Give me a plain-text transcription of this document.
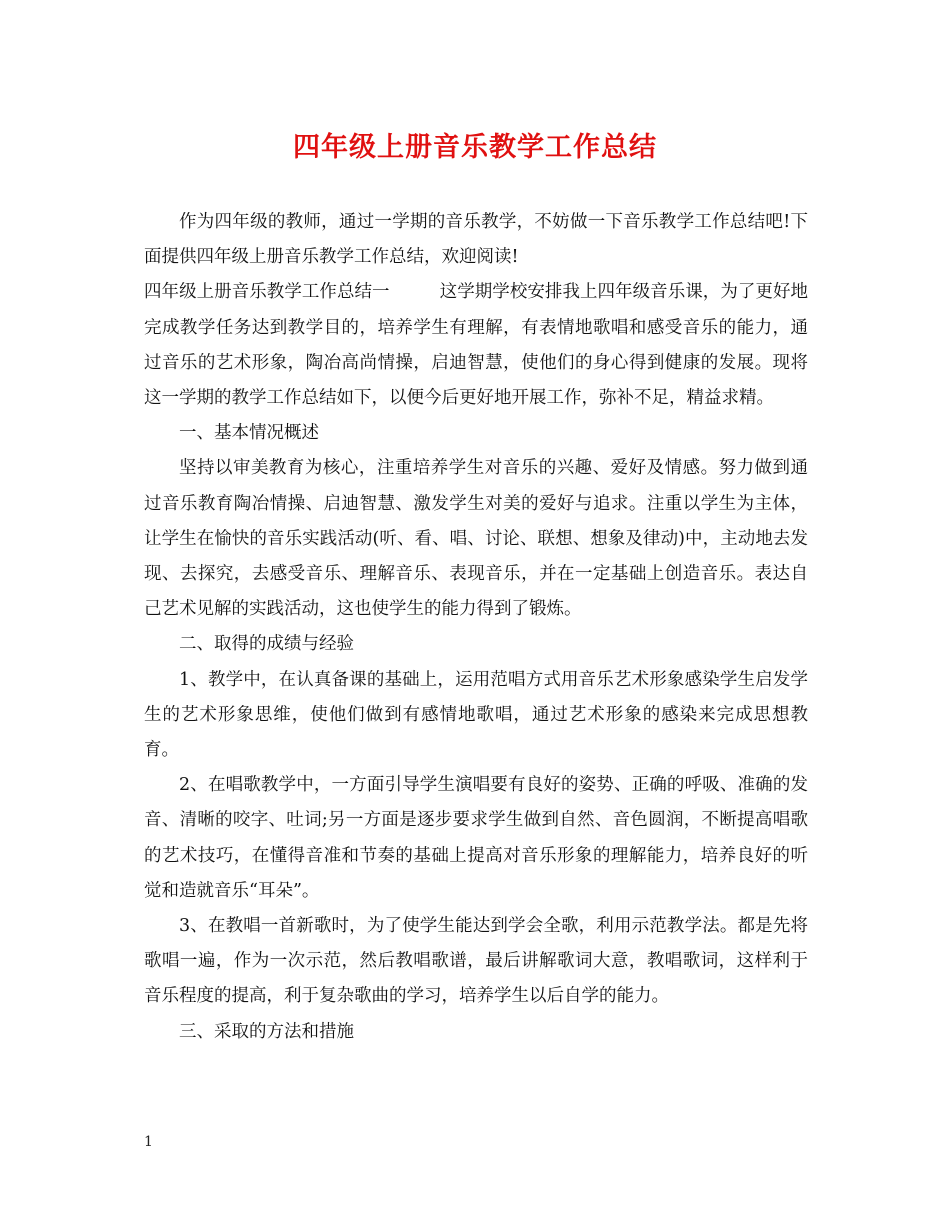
四年级上册音乐教学工作总结

作为四年级的教师，通过一学期的音乐教学，不妨做一下音乐教学工作总结吧!下面提供四年级上册音乐教学工作总结，欢迎阅读!

四年级上册音乐教学工作总结一	这学期学校安排我上四年级音乐课，为了更好地完成教学任务达到教学目的，培养学生有理解，有表情地歌唱和感受音乐的能力，通过音乐的艺术形象，陶冶高尚情操，启迪智慧，使他们的身心得到健康的发展。现将这一学期的教学工作总结如下，以便今后更好地开展工作，弥补不足，精益求精。

一、基本情况概述

坚持以审美教育为核心，注重培养学生对音乐的兴趣、爱好及情感。努力做到通过音乐教育陶冶情操、启迪智慧、激发学生对美的爱好与追求。注重以学生为主体，让学生在愉快的音乐实践活动(听、看、唱、讨论、联想、想象及律动)中，主动地去发现、去探究，去感受音乐、理解音乐、表现音乐，并在一定基础上创造音乐。表达自己艺术见解的实践活动，这也使学生的能力得到了锻炼。

二、取得的成绩与经验

1、教学中，在认真备课的基础上，运用范唱方式用音乐艺术形象感染学生启发学生的艺术形象思维，使他们做到有感情地歌唱，通过艺术形象的感染来完成思想教育。

2、在唱歌教学中，一方面引导学生演唱要有良好的姿势、正确的呼吸、准确的发音、清晰的咬字、吐词;另一方面是逐步要求学生做到自然、音色圆润，不断提高唱歌的艺术技巧，在懂得音准和节奏的基础上提高对音乐形象的理解能力，培养良好的听觉和造就音乐“耳朵”。

3、在教唱一首新歌时，为了使学生能达到学会全歌，利用示范教学法。都是先将歌唱一遍，作为一次示范，然后教唱歌谱，最后讲解歌词大意，教唱歌词，这样利于音乐程度的提高，利于复杂歌曲的学习，培养学生以后自学的能力。

三、采取的方法和措施

1
